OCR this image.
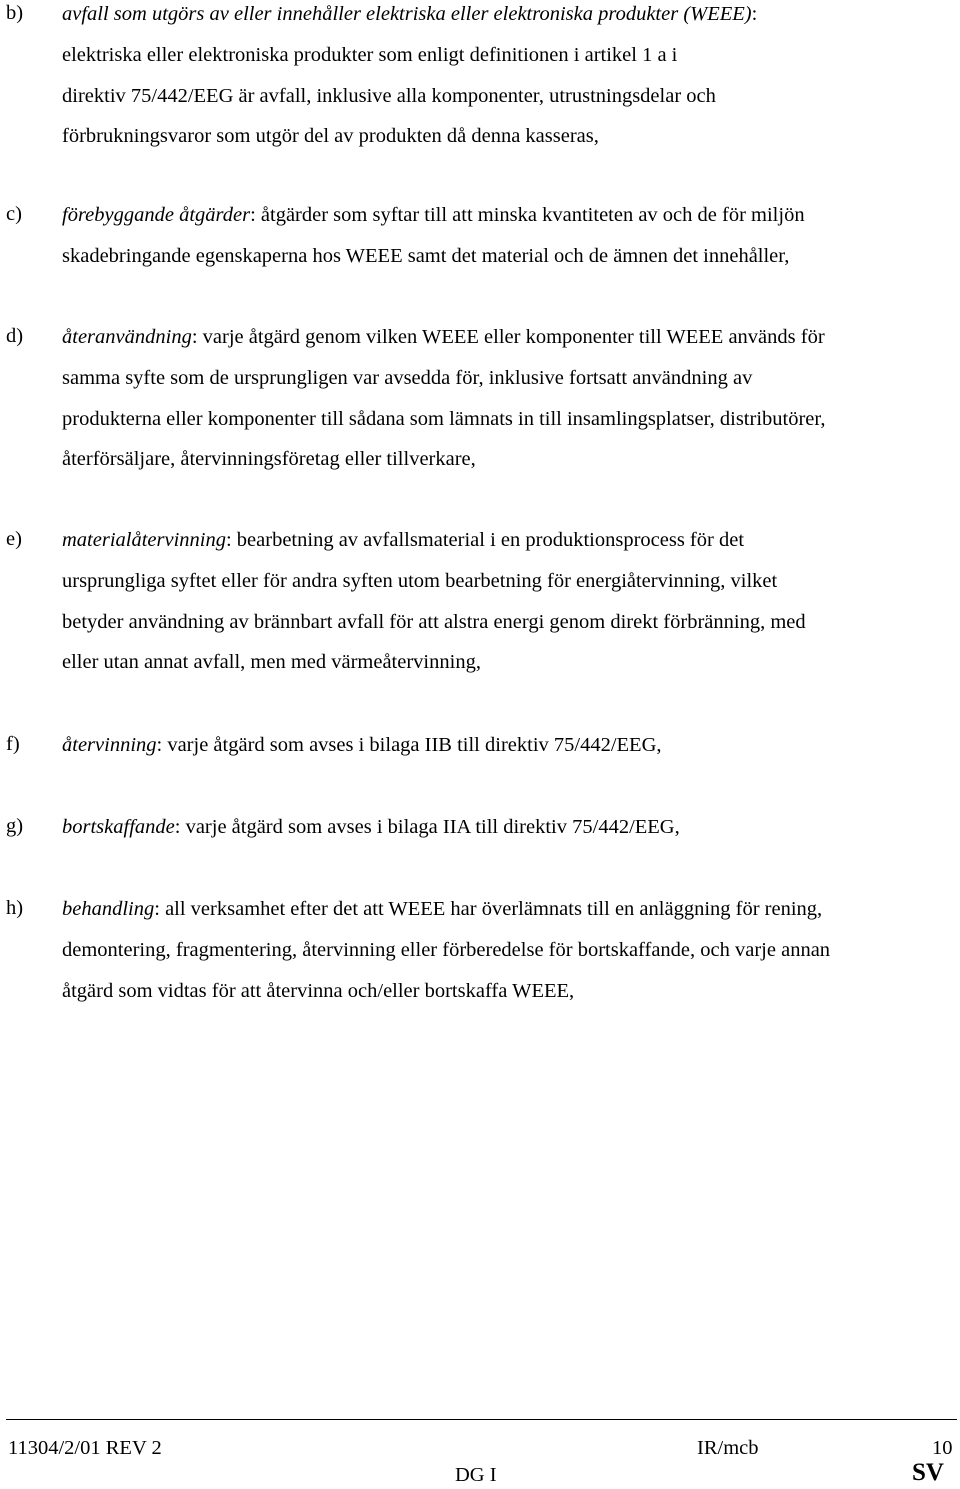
b) avfall som utgörs av eller innehåller elektriska eller elektroniska produkter (WEEE):
elektriska eller elektroniska produkter som enligt definitionen i artikel 1 a i
direktiv 75/442/EEG är avfall, inklusive alla komponenter, utrustningsdelar och
förbrukningsvaror som utgör del av produkten då denna kasseras,
c) förebyggande åtgärder: åtgärder som syftar till att minska kvantiteten av och de för miljön
skadebringande egenskaperna hos WEEE samt det material och de ämnen det innehåller,
d) återanvändning: varje åtgärd genom vilken WEEE eller komponenter till WEEE används för
samma syfte som de ursprungligen var avsedda för, inklusive fortsatt användning av
produkterna eller komponenter till sådana som lämnats in till insamlingsplatser, distributörer,
återförsäljare, återvinningsföretag eller tillverkare,
e) materialåtervinning: bearbetning av avfallsmaterial i en produktionsprocess för det
ursprungliga syftet eller för andra syften utom bearbetning för energiåtervinning, vilket
betyder användning av brännbart avfall för att alstra energi genom direkt förbränning, med
eller utan annat avfall, men med värmeåtervinning,
f) återvinning: varje åtgärd som avses i bilaga IIB till direktiv 75/442/EEG,
g) bortskaffande: varje åtgärd som avses i bilaga IIA till direktiv 75/442/EEG,
h) behandling: all verksamhet efter det att WEEE har överlämnats till en anläggning för rening,
demontering, fragmentering, återvinning eller förberedelse för bortskaffande, och varje annan
åtgärd som vidtas för att återvinna och/eller bortskaffa WEEE,
11304/2/01 REV 2	IR/mcb	10
DG I	SV
